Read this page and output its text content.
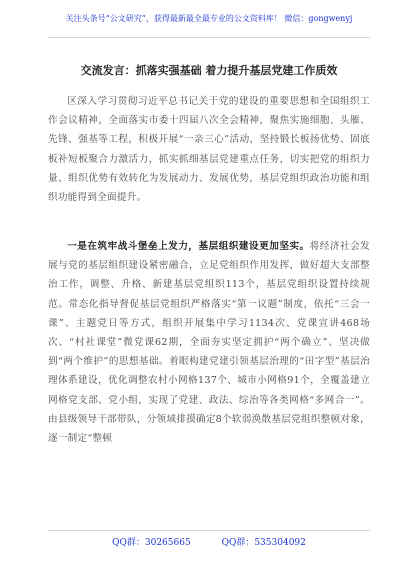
关注头条号“公文研究”，获得最新最全最专业的公文资料库！ 微信：gongwenyj
交流发言：抓落实强基础 着力提升基层党建工作质效
区深入学习贯彻习近平总书记关于党的建设的重要思想和全国组织工作会议精神，全面落实市委十四届八次全会精神，聚焦实施细胞、头雁、先锋、强基等工程，积极开展“一亲三心”活动，坚持锻长板扬优势、固底板补短板聚合力激活力，抓实抓细基层党建重点任务，切实把党的组织力量、组织优势有效转化为发展动力、发展优势，基层党组织政治功能和组织功能得到全面提升。
一是在筑牢战斗堡垒上发力，基层组织建设更加坚实。将经济社会发展与党的基层组织建设紧密融合，立足党组织作用发挥，做好超大支部整治工作，调整、升格、新建基层党组织113个，基层党组织设置持续规范。常态化指导督促基层党组织严格落实“第一议题”制度，依托“三会一课”、主题党日等方式，组织开展集中学习1134次、党课宣讲468场次、“村社课堂”微党课62期，全面夯实坚定拥护“两个确立”、坚决做到“两个维护”的思想基础。着眼构建党建引领基层治理的“田字型”基层治理体系建设，优化调整农村小网格137个、城市小网格91个，全覆盖建立网格党支部、党小组，实现了党建、政法、综治等各类网格“多网合一”。由县级领导干部带队，分领域排摸确定8个软弱涣散基层党组织整顿对象，逐一制定“整顿
QQ群：30265665	QQ群：535304092
